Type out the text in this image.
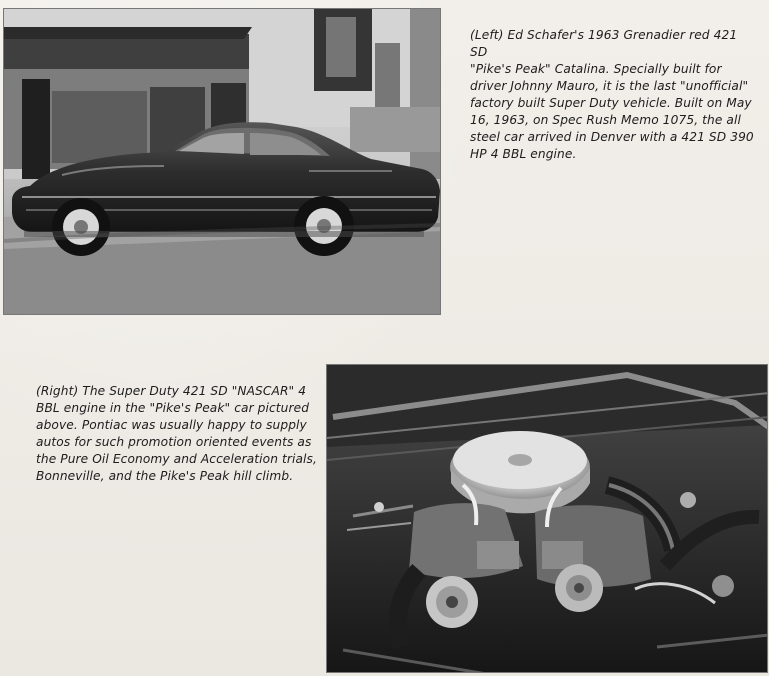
(Left) Ed Schafer's 1963 Grenadier red 421 SD
"Pike's Peak" Catalina. Specially built for
driver Johnny Mauro, it is the last "unofficial"
factory built Super Duty vehicle. Built on May
16, 1963, on Spec Rush Memo 1075, the all
steel car arrived in Denver with a 421 SD 390
HP 4 BBL engine.
(Right) The Super Duty 421 SD "NASCAR" 4
BBL engine in the "Pike's Peak" car pictured
above. Pontiac was usually happy to supply
autos for such promotion oriented events as
the Pure Oil Economy and Acceleration trials,
Bonneville, and the Pike's Peak hill climb.
